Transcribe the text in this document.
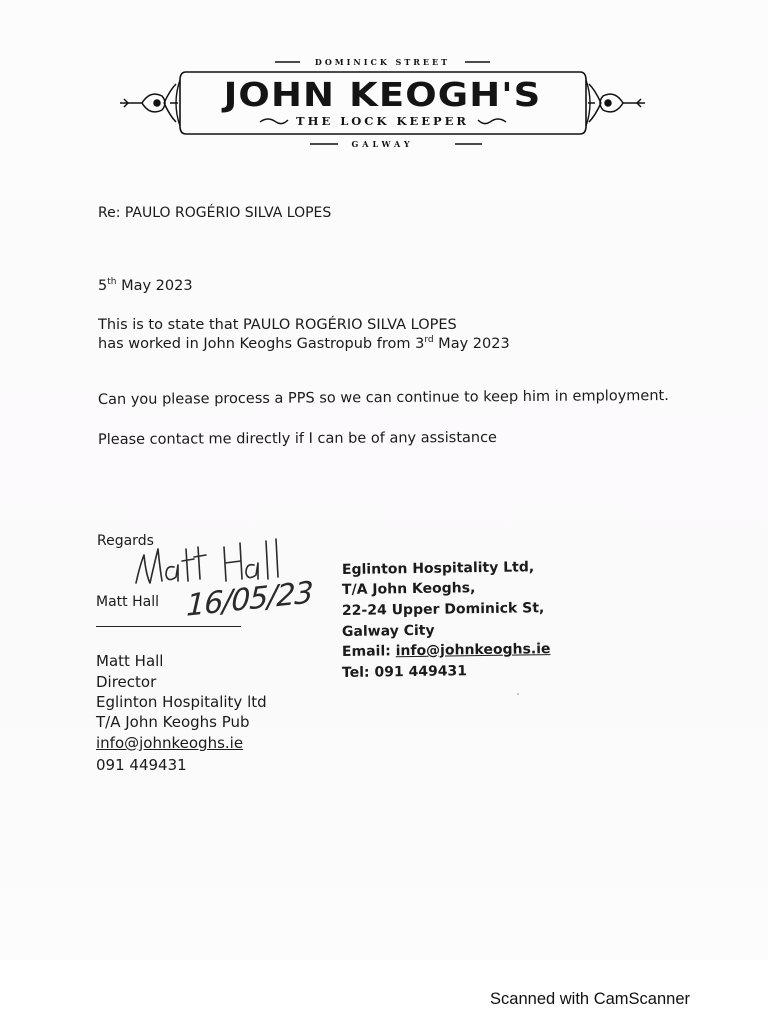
DOMINICK STREET
JOHN KEOGH'S
THE LOCK KEEPER
GALWAY
Re: PAULO ROGÉRIO SILVA LOPES
5th May 2023
This is to state that PAULO ROGÉRIO SILVA LOPES
has worked in John Keoghs Gastropub from 3rd May 2023
Can you please process a PPS so we can continue to keep him in employment.
Please contact me directly if I can be of any assistance
Regards
Matt Hall 16/05/23
Matt Hall
Director
Eglinton Hospitality ltd
T/A John Keoghs Pub
info@johnkeoghs.ie
091 449431
Eglinton Hospitality Ltd,
T/A John Keoghs,
22-24 Upper Dominick St,
Galway City
Email: info@johnkeoghs.ie
Tel: 091 449431
Scanned with CamScanner
